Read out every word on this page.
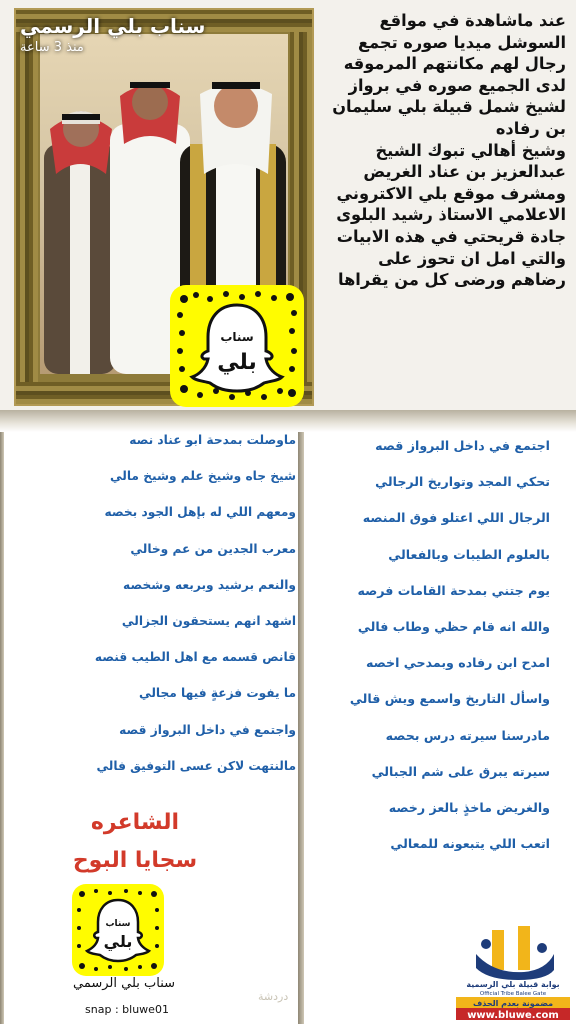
سناب بلي الرسمي
منذ 3 ساعة
سناب
بلي

عند ماشاهدة في مواقع السوشل ميديا صوره تجمع رجال لهم مكانتهم المرموقه لدى الجميع صوره في برواز لشيخ شمل قبيلة بلي سليمان بن رفاده

وشيخ أهالي تبوك الشيخ عبدالعزيز بن عناد الغريض ومشرف موقع بلي الاكتروني الاعلامي الاستاذ رشيد البلوى جادة قريحتي في هذه الابيات والتي امل ان تحوز على رضاهم ورضى كل من يقراها

اجتمع في داخل البرواز قصه
تحكي المجد وتواريخ الرجالي
الرجال اللي اعتلو فوق المنصه
بالعلوم الطيبات وبالفعالي
يوم جتني بمدحة القامات فرصه
والله انه قام حظي وطاب فالي
امدح ابن رفاده وبمدحي اخصه
واسأل التاريخ واسمع ويش قالي
مادرسنا سيرته درس بحصه
سيرته يبرق على شم الجبالي
والغريض ماخذٍ بالعز رخصه
اتعب اللي يتبعونه للمعالي
ماوصلت بمدحة ابو عناد نصه
شيخ جاه وشيخ علم وشيخ مالي
ومعهم اللي له بإهل الجود بخصه
معرب الجدين من عم وخالي
والنعم برشيد وبربعه وشخصه
اشهد انهم يستحقون الجزالي
قانص قسمه مع اهل الطيب قنصه
ما يفوت فزعةٍ فيها مجالي
واجتمع في داخل البرواز قصه
مالنتهت لاكن عسى التوفيق فالي
الشاعره
سجايا البوح
سناب
بلي
سناب بلي الرسمي
snap : bluwe01
دردشة
بوابة قبيلة بلي الرسمية
Official Tribe Balee Gate
مضمونة بعدم الحذف
www.bluwe.com
